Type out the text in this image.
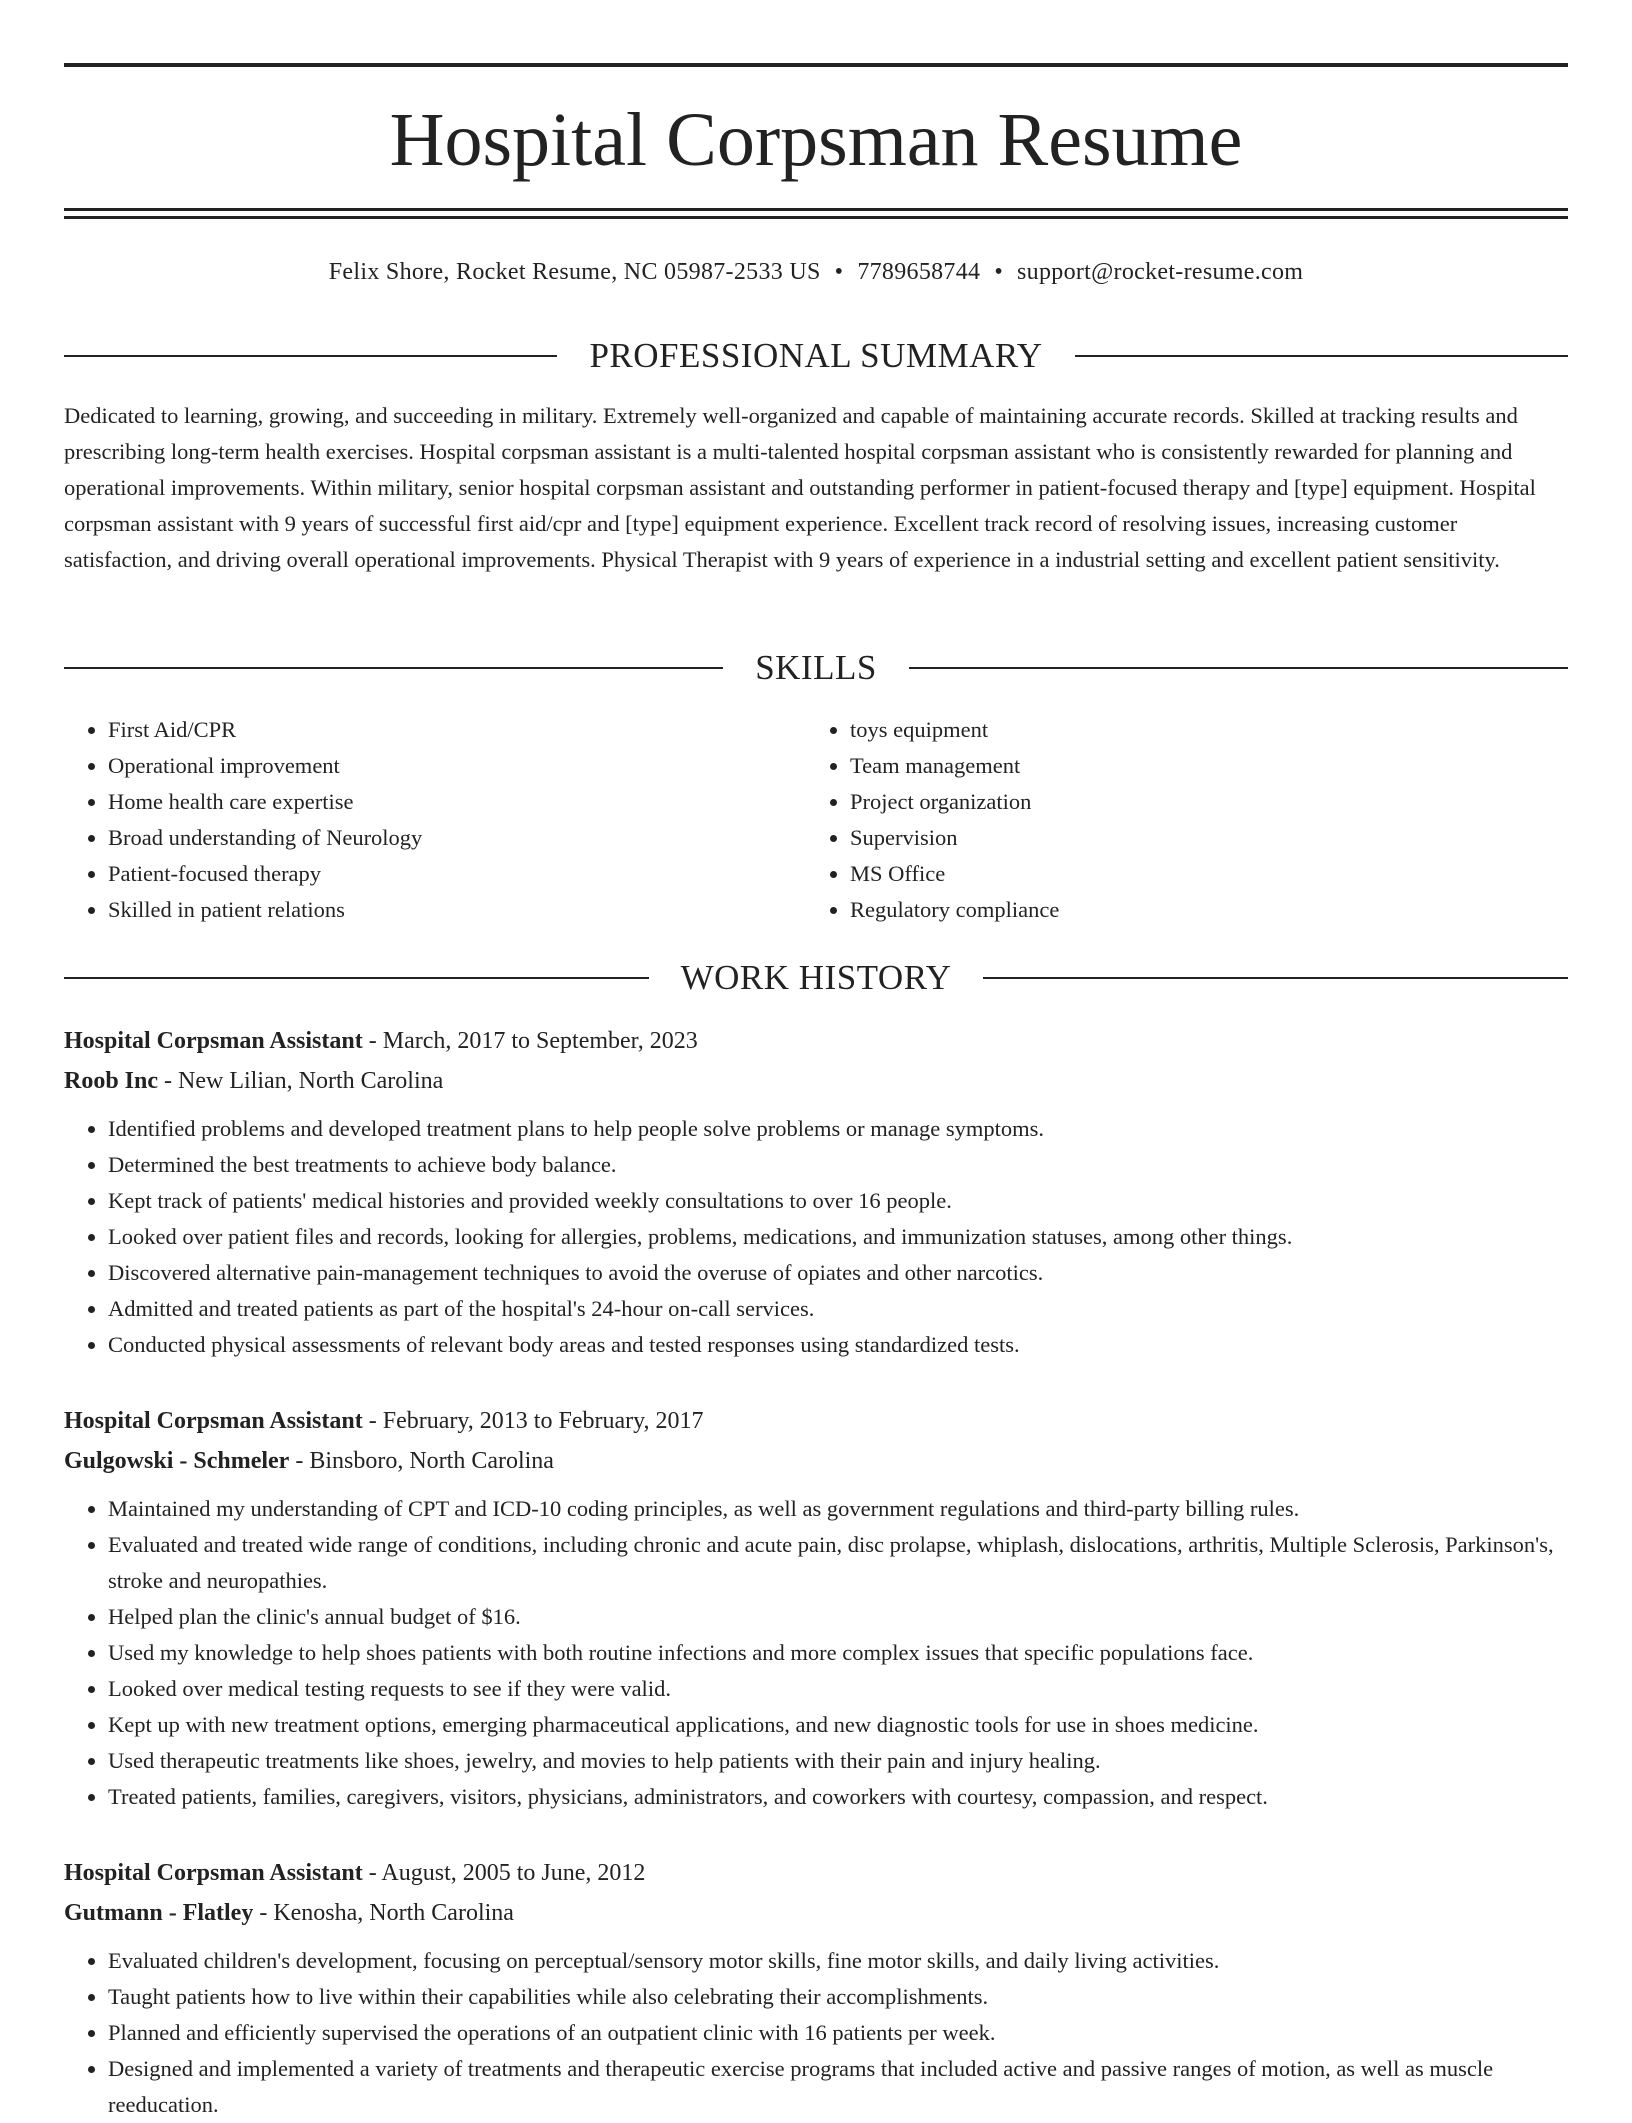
Hospital Corpsman Resume
Felix Shore, Rocket Resume, NC 05987-2533 US • 7789658744 • support@rocket-resume.com
PROFESSIONAL SUMMARY

Dedicated to learning, growing, and succeeding in military. Extremely well-organized and capable of maintaining accurate records. Skilled at tracking results and prescribing long-term health exercises. Hospital corpsman assistant is a multi-talented hospital corpsman assistant who is consistently rewarded for planning and operational improvements. Within military, senior hospital corpsman assistant and outstanding performer in patient-focused therapy and [type] equipment. Hospital corpsman assistant with 9 years of successful first aid/cpr and [type] equipment experience. Excellent track record of resolving issues, increasing customer satisfaction, and driving overall operational improvements. Physical Therapist with 9 years of experience in a industrial setting and excellent patient sensitivity.

SKILLS
• First Aid/CPR
• Operational improvement
• Home health care expertise
• Broad understanding of Neurology
• Patient-focused therapy
• Skilled in patient relations
• toys equipment
• Team management
• Project organization
• Supervision
• MS Office
• Regulatory compliance
WORK HISTORY

Hospital Corpsman Assistant - March, 2017 to September, 2023

Roob Inc - New Lilian, North Carolina

• Identified problems and developed treatment plans to help people solve problems or manage symptoms.
• Determined the best treatments to achieve body balance.
• Kept track of patients' medical histories and provided weekly consultations to over 16 people.
• Looked over patient files and records, looking for allergies, problems, medications, and immunization statuses, among other things.
• Discovered alternative pain-management techniques to avoid the overuse of opiates and other narcotics.
• Admitted and treated patients as part of the hospital's 24-hour on-call services.
• Conducted physical assessments of relevant body areas and tested responses using standardized tests.

Hospital Corpsman Assistant - February, 2013 to February, 2017

Gulgowski - Schmeler - Binsboro, North Carolina

• Maintained my understanding of CPT and ICD-10 coding principles, as well as government regulations and third-party billing rules.
• Evaluated and treated wide range of conditions, including chronic and acute pain, disc prolapse, whiplash, dislocations, arthritis, Multiple Sclerosis, Parkinson's, stroke and neuropathies.
• Helped plan the clinic's annual budget of $16.
• Used my knowledge to help shoes patients with both routine infections and more complex issues that specific populations face.
• Looked over medical testing requests to see if they were valid.
• Kept up with new treatment options, emerging pharmaceutical applications, and new diagnostic tools for use in shoes medicine.
• Used therapeutic treatments like shoes, jewelry, and movies to help patients with their pain and injury healing.
• Treated patients, families, caregivers, visitors, physicians, administrators, and coworkers with courtesy, compassion, and respect.

Hospital Corpsman Assistant - August, 2005 to June, 2012

Gutmann - Flatley - Kenosha, North Carolina

• Evaluated children's development, focusing on perceptual/sensory motor skills, fine motor skills, and daily living activities.
• Taught patients how to live within their capabilities while also celebrating their accomplishments.
• Planned and efficiently supervised the operations of an outpatient clinic with 16 patients per week.
• Designed and implemented a variety of treatments and therapeutic exercise programs that included active and passive ranges of motion, as well as muscle reeducation.
